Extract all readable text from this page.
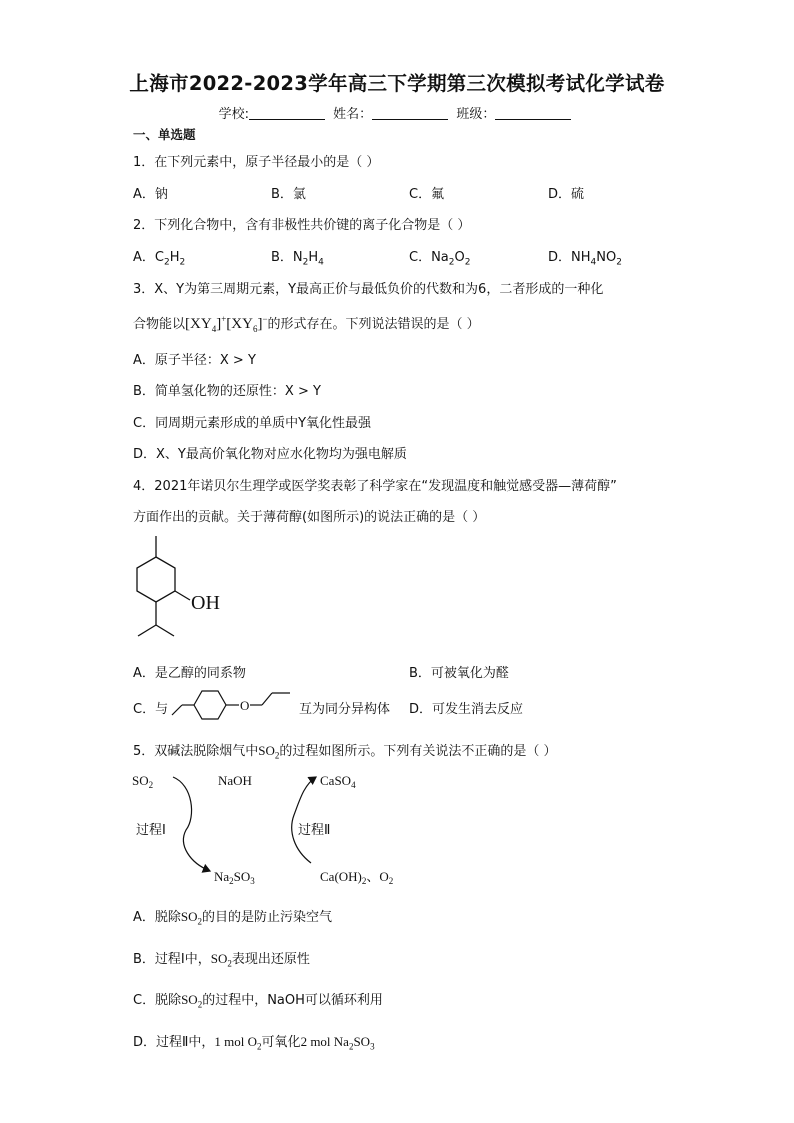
上海市2022-2023学年高三下学期第三次模拟考试化学试卷
学校:	姓名：	班级：
一、单选题
1．在下列元素中，原子半径最小的是（ ）
A．钠	B．氯	C．氟	D．硫
2．下列化合物中，含有非极性共价键的离子化合物是（ ）
A．$C_2H_2$	B．$N_2H_4$	C．$Na_2O_2$	D．$NH_4NO_2$
3．X、Y为第三周期元素，Y最高正价与最低负价的代数和为6，二者形成的一种化
合物能以$[XY_4]^+[XY_6]^-$的形式存在。下列说法错误的是（ ）
A．原子半径：X > Y
B．简单氢化物的还原性：X > Y
C．同周期元素形成的单质中Y氧化性最强
D．X、Y最高价氧化物对应水化物均为强电解质
4．2021年诺贝尔生理学或医学奖表彰了科学家在“发现温度和触觉感受器—薄荷醇”
方面作出的贡献。关于薄荷醇(如图所示)的说法正确的是（ ）
OH
A．是乙醇的同系物	B．可被氧化为醛
C．与	O	互为同分异构体 D．可发生消去反应
5．双碱法脱除烟气中$SO_2$的过程如图所示。下列有关说法不正确的是（ ）
$SO_2$	NaOH	CaSO$_4$
$Na_2SO_3$	$Ca(OH)_2$、$O_2$
过程Ⅰ	过程Ⅱ
A．脱除$SO_2$的目的是防止污染空气
B．过程Ⅰ中，$SO_2$表现出还原性
C．脱除$SO_2$的过程中，NaOH可以循环利用
D．过程Ⅱ中，1 mol $O_2$可氧化2 mol $Na_2SO_3$
